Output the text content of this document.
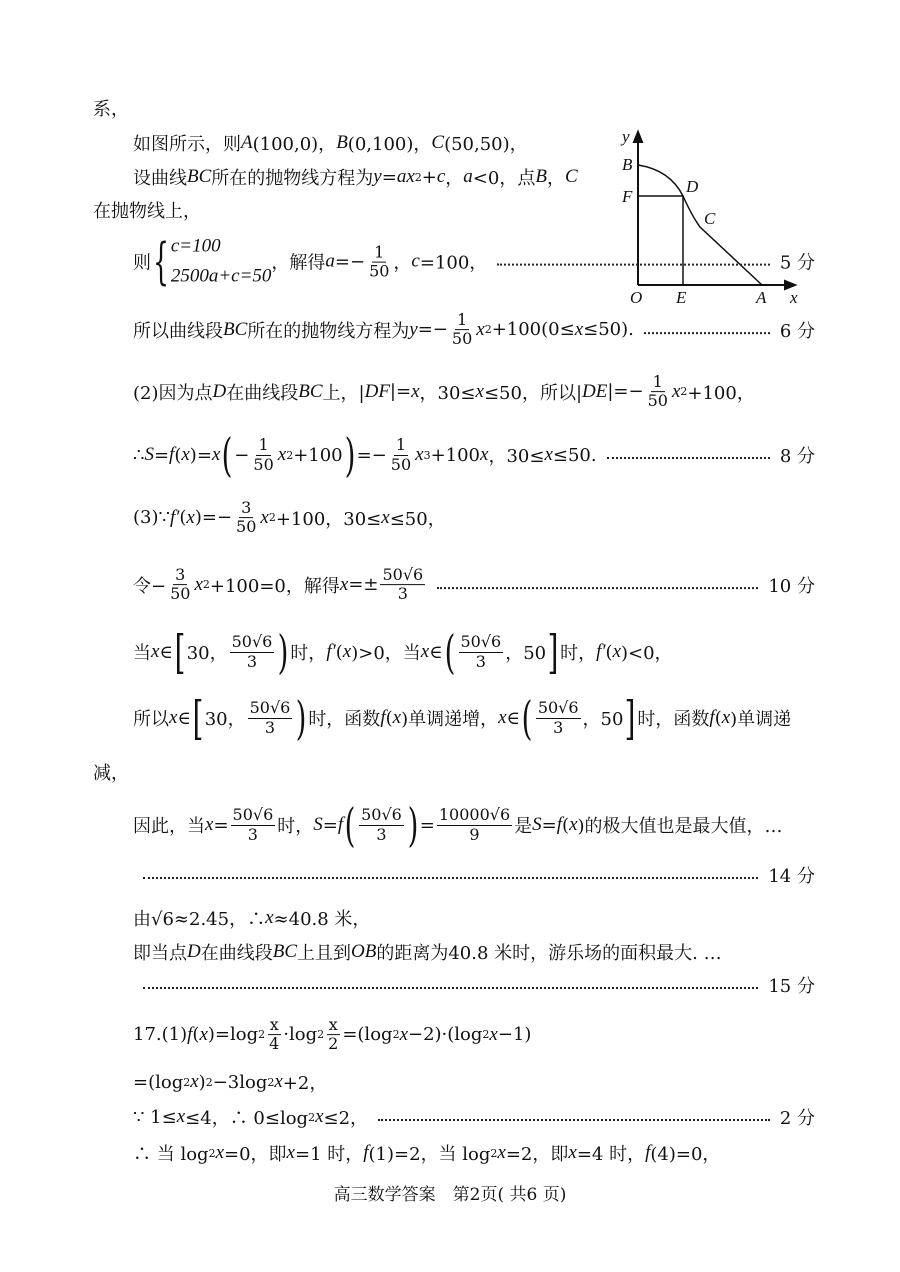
y
B
F
D
C
O E	A x
系，
如图所示，则 A (100,0)， B (0,100)， C (50,50)，
设曲线 BC 所在的抛物线方程为 y = ax 2 + c ， a <0，点 B ， C
在抛物线上，
则 { c=100
2500a+c=50
，解得 $a =- \frac{1}{50}$ ， c =100，	5 分
所以曲线段 BC 所在的抛物线方程为 $y =- \frac{1}{50}$ x 2 +100(0≤ x ≤50).	6 分
(2)因为点 D 在曲线段 BC 上，| DF |= x ，30≤ x ≤50，所以| DE |=− $\frac{1}{50}$ x 2 +100，
∴ S = f ( x )= x ( − $\frac{1}{50}$ x 2 +100 ) =− $\frac{1}{50}$ x 3 +100 x ，30≤ x ≤50.	8 分
(3)∵ f′ ( x )=− $\frac{3}{50}$ x 2 +100，30≤ x ≤50，
令− $\frac{3}{50}$ x 2 +100=0，解得 $x =\pm \frac{50√6}{3}$	10 分
当 x ∈ [ 30， $\frac{50√6}{3}$ ) 时， f′ ( x )>0，当 x ∈ ( $\frac{50√6}{3}$ ，50 ] 时， f′ ( x )<0，
所以 x ∈ [ 30， $\frac{50√6}{3}$ ) 时，函数 f ( x )单调递增， x ∈ ( $\frac{50√6}{3}$ ，50 ] 时，函数 f ( x )单调递
减，
因此，当 $x = \frac{50√6}{3}$ 时， S = f ( $\frac{50√6}{3}$ ) = $\frac{10000√6}{9}$ 是 S = f ( x )的极大值也是最大值，…
14 分
由√6≈2.45，∴ x ≈40.8 米，
即当点 D 在曲线段 BC 上且到 OB 的距离为40.8 米时，游乐场的面积最大. …
15 分
17.(1) f ( x )=log $2 \frac{x}{4} \cdot\log$ $2 \frac{x}{2} =(\log$ 2 x −2)·(log 2 x −1)
=(log 2 x ) 2 −3log 2 x +2，
∵ 1≤ x ≤4，∴ 0≤log 2 x ≤2，	2 分
∴ 当 log 2 x =0，即 x =1 时， f (1)=2，当 log 2 x =2，即 x =4 时， f (4)=0，
高三数学答案　第2页( 共6 页)
